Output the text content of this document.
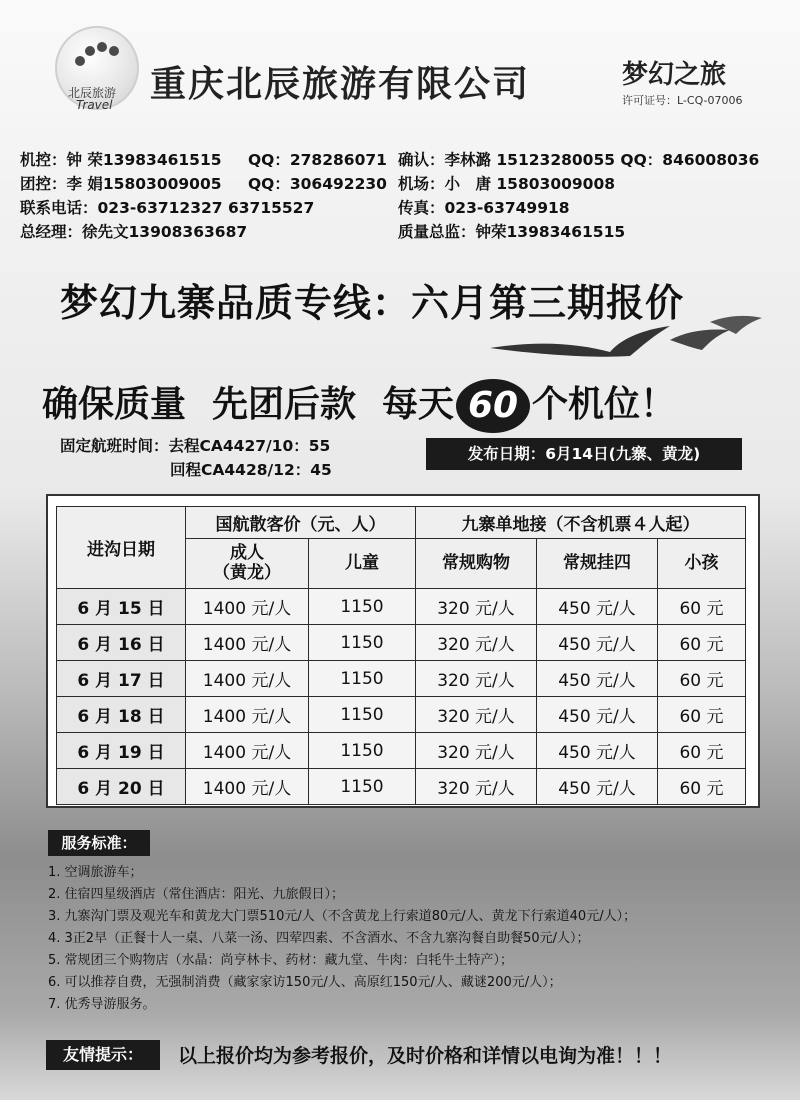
北辰旅游
Travel 重庆北辰旅游有限公司	梦幻之旅
许可证号：L-CQ-07006
机控：钟 荣13983461515 QQ：278286071 确认：李林潞 15123280055 QQ：846008036
团控：李 娟15803009005 QQ：306492230 机场：小　唐 15803009008
联系电话：023-63712327 63715527	传真：023-63749918
总经理：徐先文13908363687	质量总监：钟荣13983461515
梦幻九寨品质专线：六月第三期报价
确保质量 先团后款 每天 60 个机位！
固定航班时间：去程CA4427/10：55
回程CA4428/12：45
发布日期：6月14日(九寨、黄龙)
进沟日期	国航散客价（元、人）		九寨单地接（不含机票４人起）		
	成人
（黄龙）	儿童	常规购物	常规挂四	小孩
6 月 15 日	1400 元/人	1150	320 元/人	450 元/人	60 元
6 月 16 日	1400 元/人	1150	320 元/人	450 元/人	60 元
6 月 17 日	1400 元/人	1150	320 元/人	450 元/人	60 元
6 月 18 日	1400 元/人	1150	320 元/人	450 元/人	60 元
6 月 19 日	1400 元/人	1150	320 元/人	450 元/人	60 元
6 月 20 日	1400 元/人	1150	320 元/人	450 元/人	60 元
服务标准：
1. 空调旅游车；
2. 住宿四星级酒店（常住酒店：阳光、九旅假日）；
3. 九寨沟门票及观光车和黄龙大门票510元/人（不含黄龙上行索道80元/人、黄龙下行索道40元/人）；
4. 3正2早（正餐十人一桌、八菜一汤、四荤四素、不含酒水、不含九寨沟餐自助餐50元/人）；
5. 常规团三个购物店（水晶：尚亨林卡、药材：藏九堂、牛肉：白牦牛土特产）；
6. 可以推荐自费，无强制消费（藏家家访150元/人、高原红150元/人、藏谜200元/人）；
7. 优秀导游服务。
友情提示：	以上报价均为参考报价，及时价格和详情以电询为准！！！
